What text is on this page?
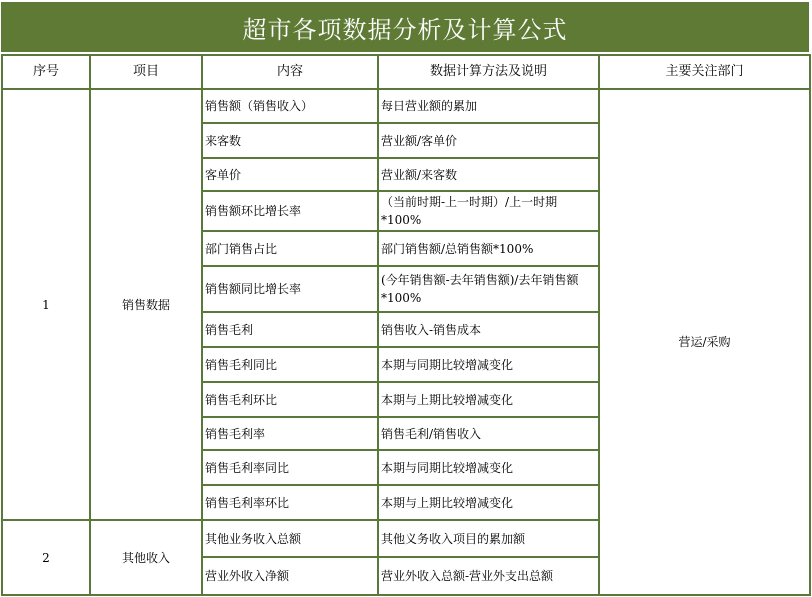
超市各项数据分析及计算公式
序号	项目	内容	数据计算方法及说明	主要关注部门
1	销售数据	销售额（销售收入）	每日营业额的累加	营运/采购
		来客数	营业额/客单价	
		客单价	营业额/来客数	
		销售额环比增长率	（当前时期-上一时期）/上一时期*100%	
		部门销售占比	部门销售额/总销售额*100%	
		销售额同比增长率	(今年销售额-去年销售额)/去年销售额*100%	
		销售毛利	销售收入-销售成本	
		销售毛利同比	本期与同期比较增减变化	
		销售毛利环比	本期与上期比较增减变化	
		销售毛利率	销售毛利/销售收入	
		销售毛利率同比	本期与同期比较增减变化	
		销售毛利率环比	本期与上期比较增减变化	
2	其他收入	其他业务收入总额	其他义务收入项目的累加额	
		营业外收入净额	营业外收入总额-营业外支出总额	
